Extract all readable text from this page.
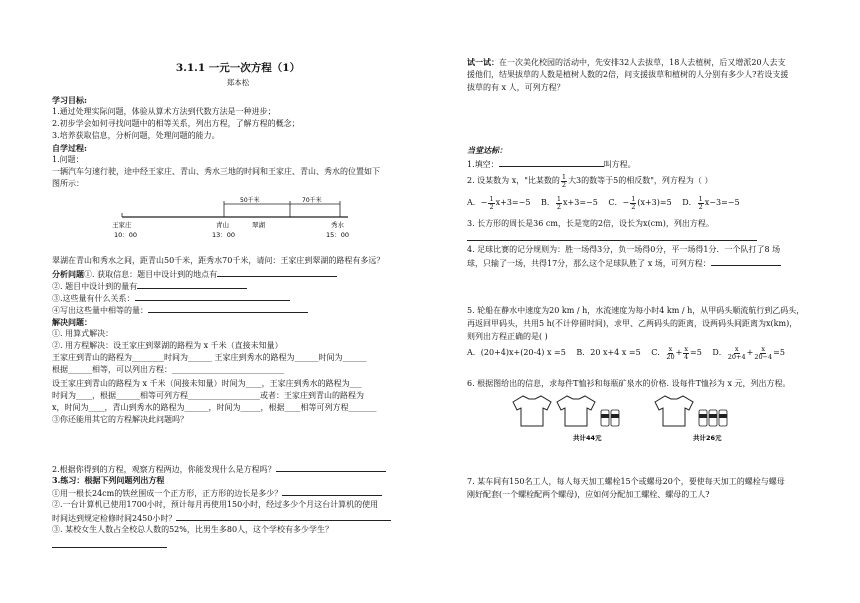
3.1.1 一元一次方程（1）
郑本松
学习目标:
1.通过处理实际问题，体验从算术方法到代数方法是一种进步；
2.初步学会如何寻找问题中的相等关系，列出方程，了解方程的概念；
3.培养获取信息，分析问题，处理问题的能力。
自学过程:
1.问题：
一辆汽车匀速行驶，途中经王家庄、青山、秀水三地的时间和王家庄、青山、秀水的位置如下
图所示：
50千米	70千米
王家庄	青山	翠湖	秀水
10：00	13：00	15：00
翠湖在青山和秀水之间，距青山50千米，距秀水70千米，请问：王家庄到翠湖的路程有多远？
分析问题①. 获取信息：题目中设计到的地点有
②. 题目中设计到的量有
③.这些量有什么关系：
④写出这些量中相等的量：
解决问题：
①. 用算式解决：
②. 用方程解决：设王家庄到翠湖的路程为 x 千米（直接未知量）
王家庄到青山的路程为________时间为______ 王家庄到秀水的路程为______时间为______
根据______相等，可以列出方程：____________________________
设王家庄到青山的路程为 x 千米（间接未知量）时间为____，王家庄到秀水的路程为___
时间为____，根据______相等可列方程__________________或者：王家庄到青山的路程为
x，时间为____，青山到秀水的路程为______，时间为_____，根据____相等可列方程_______
③你还能用其它的方程解决此问题吗？
2.根据你得到的方程，观察方程两边，你能发现什么是方程吗？
3.练习：根据下列问题列出方程
①用一根长24cm的铁丝围成一个正方形，正方形的边长是多少？
②.一台计算机已使用1700小时，预计每月再使用150小时，经过多少个月这台计算机的使用
时间达到规定检修时间2450小时？
③. 某校女生人数占全校总人数的52%，比男生多80人，这个学校有多少学生？
试一试：在一次美化校园的活动中，先安排32人去拔草，18人去植树，后又增派20人去支
援他们，结果拔草的人数是植树人数的2倍，问支援拔草和植树的人分别有多少人?若设支援
拔草的有 x 人，可列方程？
当堂达标：
1.填空：	叫方程。
2. 设某数为 x，"比某数的 $\frac{1}{2}$ 大3的数等于5的相反数"，列方程为（ ）
A．− $\frac{1}{2} x+3=-5$ B． $\frac{1}{2} x+3=-5$ C．− $\frac{1}{2} (x+3)=5$ D． $\frac{1}{2} x-3=-5$
3. 长方形的周长是36 cm，长是宽的2倍，设长为x(cm)，列出方程。
4. 足球比赛的记分规则为：胜一场得3分，负一场得0分，平一场得1分．一个队打了8 场
球，只输了一场，共得17分，那么这个足球队胜了 x 场，可列方程：
5. 轮船在静水中速度为20 km / h，水流速度为每小时4 km / h，从甲码头顺流航行到乙码头，
再返回甲码头，共用5 h(不计停留时间)，求甲、乙两码头的距离，设两码头间距离为x(km)，
则列出方程正确的是( )
A．(20+4)x+(20-4) x =5 B．20 x+4 x =5 C． $\frac{x}{20} + \frac{x}{4} =5$ D． $\frac{x}{20+4} + \frac{x}{20-4} =5$
6. 根据图给出的信息，求每件T恤衫和每瓶矿泉水的价格. 设每件T恤衫为 x 元，列出方程。
共计44元	共计26元
7. 某车间有150名工人，每人每天加工螺栓15个或螺母20个，要使每天加工的螺栓与螺母
刚好配套(一个螺栓配两个螺母)，应如何分配加工螺栓、螺母的工人?
